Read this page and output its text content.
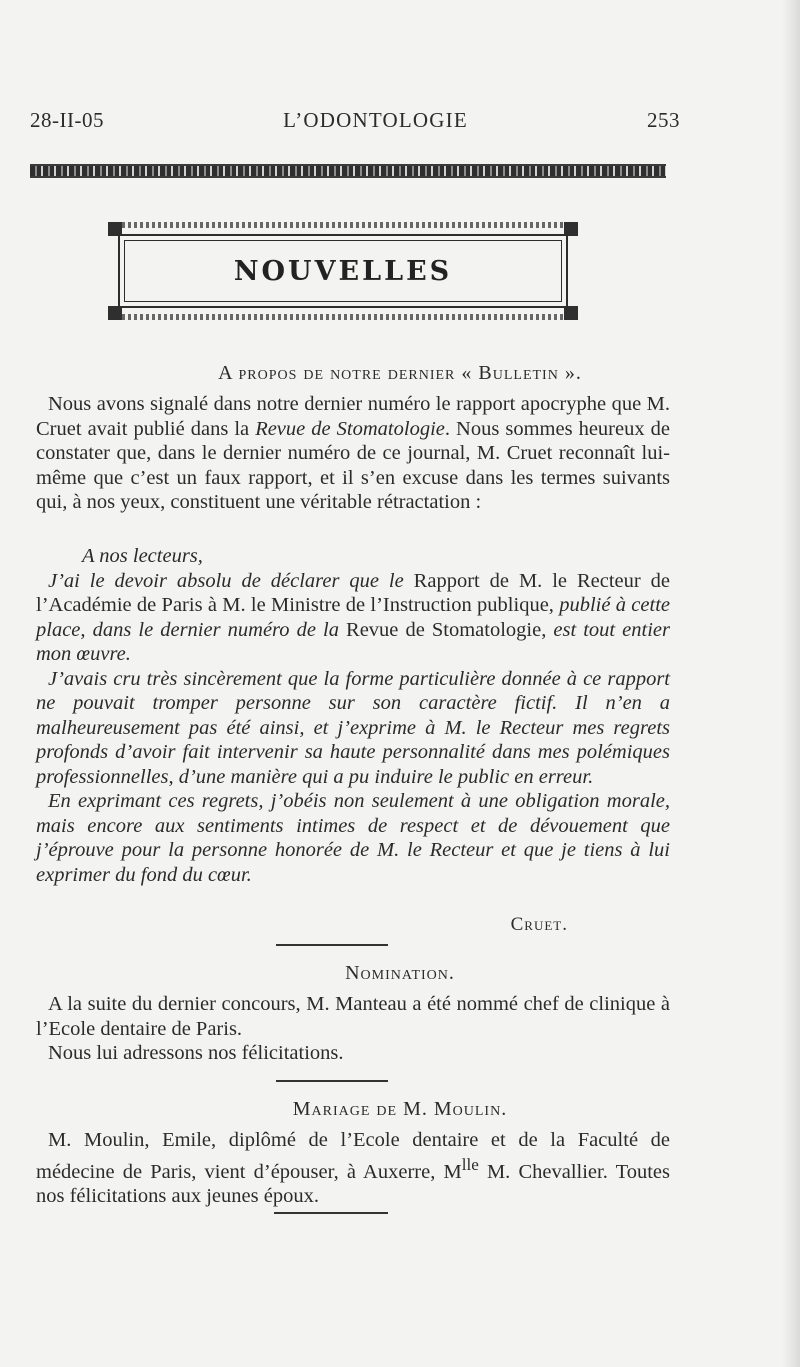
28-II-05	L’ODONTOLOGIE	253
NOUVELLES
A propos de notre dernier « Bulletin ».

Nous avons signalé dans notre dernier numéro le rapport apocryphe que M. Cruet avait publié dans la Revue de Stomatologie. Nous sommes heureux de constater que, dans le dernier numéro de ce journal, M. Cruet reconnaît lui-même que c’est un faux rapport, et il s’en excuse dans les termes suivants qui, à nos yeux, constituent une véritable rétractation :

A nos lecteurs,

J’ai le devoir absolu de déclarer que le Rapport de M. le Recteur de l’Académie de Paris à M. le Ministre de l’Instruction publique, publié à cette place, dans le dernier numéro de la Revue de Stomatologie, est tout entier mon œuvre.

J’avais cru très sincèrement que la forme particulière donnée à ce rapport ne pouvait tromper personne sur son caractère fictif. Il n’en a malheureusement pas été ainsi, et j’exprime à M. le Recteur mes regrets profonds d’avoir fait intervenir sa haute personnalité dans mes polémiques professionnelles, d’une manière qui a pu induire le public en erreur.

En exprimant ces regrets, j’obéis non seulement à une obligation morale, mais encore aux sentiments intimes de respect et de dévouement que j’éprouve pour la personne honorée de M. le Recteur et que je tiens à lui exprimer du fond du cœur.

Cruet.
Nomination.

A la suite du dernier concours, M. Manteau a été nommé chef de clinique à l’Ecole dentaire de Paris.

Nous lui adressons nos félicitations.

Mariage de M. Moulin.

M. Moulin, Emile, diplômé de l’Ecole dentaire et de la Faculté de médecine de Paris, vient d’épouser, à Auxerre, $M^{lle}$ M. Chevallier. Toutes nos félicitations aux jeunes époux.
